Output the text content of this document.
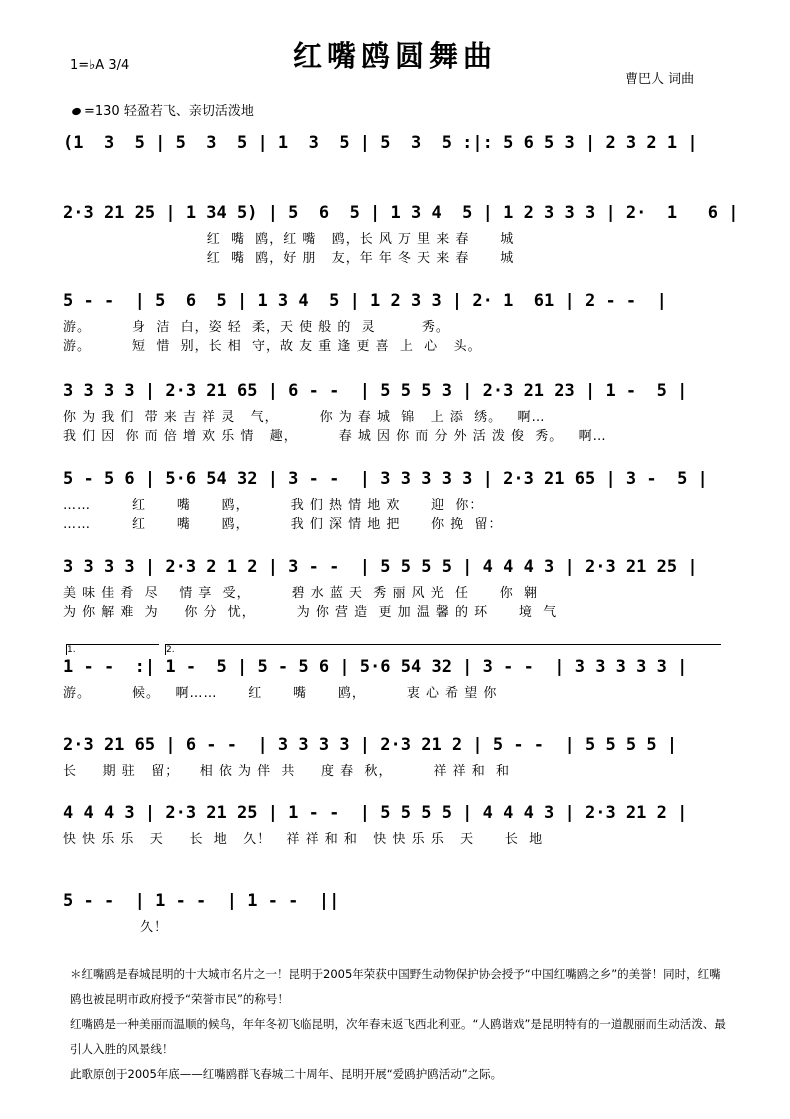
红嘴鸥圆舞曲
1=♭A 3/4
曹巴人 词曲
=130 轻盈若飞、亲切活泼地
(1  3  5 | 5  3  5 | 1  3  5 | 5  3  5 :|: 5 6 5 3 | 2 3 2 1 |
2·3 21 25 | 1 34 5) | 5  6  5 | 1 3 4  5 | 1 2 3 3 3 | 2·  1   6 |
红  嘴  鸥，红 嘴   鸥，长 风 万 里 来 春      城
红  嘴  鸥，好 朋   友，年 年 冬 天 来 春      城
5 - -  | 5  6  5 | 1 3 4  5 | 1 2 3 3 | 2· 1  61 | 2 - -  |
游。        身  洁  白，姿 轻  柔，天 使 般 的  灵         秀。
游。        短  惜  别，长 相  守，故 友 重 逢 更 喜  上  心   头。
3 3 3 3 | 2·3 21 65 | 6 - -  | 5 5 5 3 | 2·3 21 23 | 1 -  5 |
你 为 我 们  带 来 吉 祥 灵   气，        你 为 春 城  锦   上 添  绣。   啊…
我 们 因  你 而 倍 增 欢 乐 情   趣，        春 城 因 你 而 分 外 活 泼 俊  秀。   啊…
5 - 5 6 | 5·6 54 32 | 3 - -  | 3 3 3 3 3 | 2·3 21 65 | 3 -  5 |
……        红      嘴      鸥，        我 们 热 情 地 欢      迎  你：
……        红      嘴      鸥，        我 们 深 情 地 把      你 挽  留：
3 3 3 3 | 2·3 2 1 2 | 3 - -  | 5 5 5 5 | 4 4 4 3 | 2·3 21 25 |
美 味 佳 肴  尽    情 享  受，        碧 水 蓝 天  秀 丽 风 光  任      你  翱
为 你 解 难  为     你 分  忧，        为 你 营 造  更 加 温 馨 的 环      境  气
1 - -  :| 1 -  5 | 5 - 5 6 | 5·6 54 32 | 3 - -  | 3 3 3 3 3 |
游。        候。   啊……      红      嘴      鸥，        衷 心 希 望 你
2·3 21 65 | 6 - -  | 3 3 3 3 | 2·3 21 2 | 5 - -  | 5 5 5 5 |
长     期 驻   留；    相 依 为 伴  共     度 春  秋，        祥 祥 和  和
4 4 4 3 | 2·3 21 25 | 1 - -  | 5 5 5 5 | 4 4 4 3 | 2·3 21 2 |
快 快 乐 乐   天     长  地   久！   祥 祥 和 和   快 快 乐 乐   天      长  地
5 - -  | 1 - -  | 1 - -  ||
久！
1.	2.
＊红嘴鸥是春城昆明的十大城市名片之一！昆明于2005年荣获中国野生动物保护协会授予“中国红嘴鸥之乡”的美誉！同时，红嘴鸥也被昆明市政府授予“荣誉市民”的称号！
红嘴鸥是一种美丽而温顺的候鸟，年年冬初飞临昆明，次年春末返飞西北利亚。“人鸥谐戏”是昆明特有的一道靓丽而生动活泼、最引人入胜的风景线！
此歌原创于2005年底——红嘴鸥群飞春城二十周年、昆明开展“爱鸥护鸥活动”之际。
